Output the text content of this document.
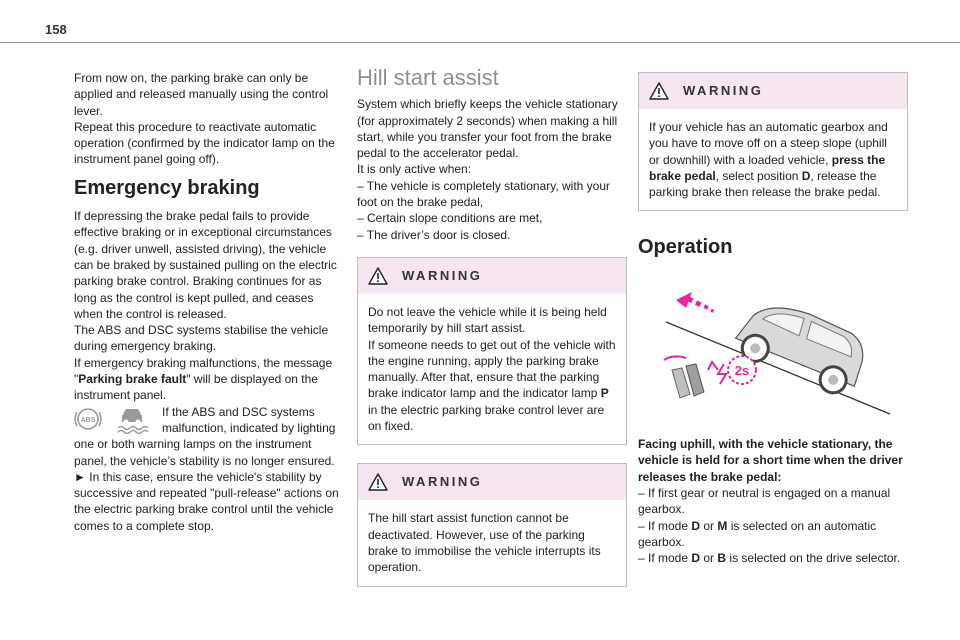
158

From now on, the parking brake can only be applied and released manually using the control lever.

Repeat this procedure to reactivate automatic operation (confirmed by the indicator lamp on the instrument panel going off).

Emergency braking

If depressing the brake pedal fails to provide effective braking or in exceptional circumstances (e.g. driver unwell, assisted driving), the vehicle can be braked by sustained pulling on the electric parking brake control. Braking continues for as long as the control is kept pulled, and ceases when the control is released.

The ABS and DSC systems stabilise the vehicle during emergency braking.

If emergency braking malfunctions, the message "Parking brake fault" will be displayed on the instrument panel.

ABS
If the ABS and DSC systems malfunction, indicated by lighting one or both warning lamps on the instrument panel, the vehicle’s stability is no longer ensured.

► In this case, ensure the vehicle's stability by successive and repeated "pull-release" actions on the electric parking brake control until the vehicle comes to a complete stop.

Hill start assist

System which briefly keeps the vehicle stationary (for approximately 2 seconds) when making a hill start, while you transfer your foot from the brake pedal to the accelerator pedal.

It is only active when:

– The vehicle is completely stationary, with your foot on the brake pedal,
– Certain slope conditions are met,
– The driver’s door is closed.
WARNING

Do not leave the vehicle while it is being held temporarily by hill start assist.

If someone needs to get out of the vehicle with the engine running, apply the parking brake manually. After that, ensure that the parking brake indicator lamp and the indicator lamp P in the electric parking brake control lever are on fixed.

WARNING

The hill start assist function cannot be deactivated. However, use of the parking brake to immobilise the vehicle interrupts its operation.

WARNING

If your vehicle has an automatic gearbox and you have to move off on a steep slope (uphill or downhill) with a loaded vehicle, press the brake pedal, select position D, release the parking brake then release the brake pedal.

Operation
2s

Facing uphill, with the vehicle stationary, the vehicle is held for a short time when the driver releases the brake pedal:

– If first gear or neutral is engaged on a manual gearbox.

– If mode D or M is selected on an automatic gearbox.

– If mode D or B is selected on the drive selector.
